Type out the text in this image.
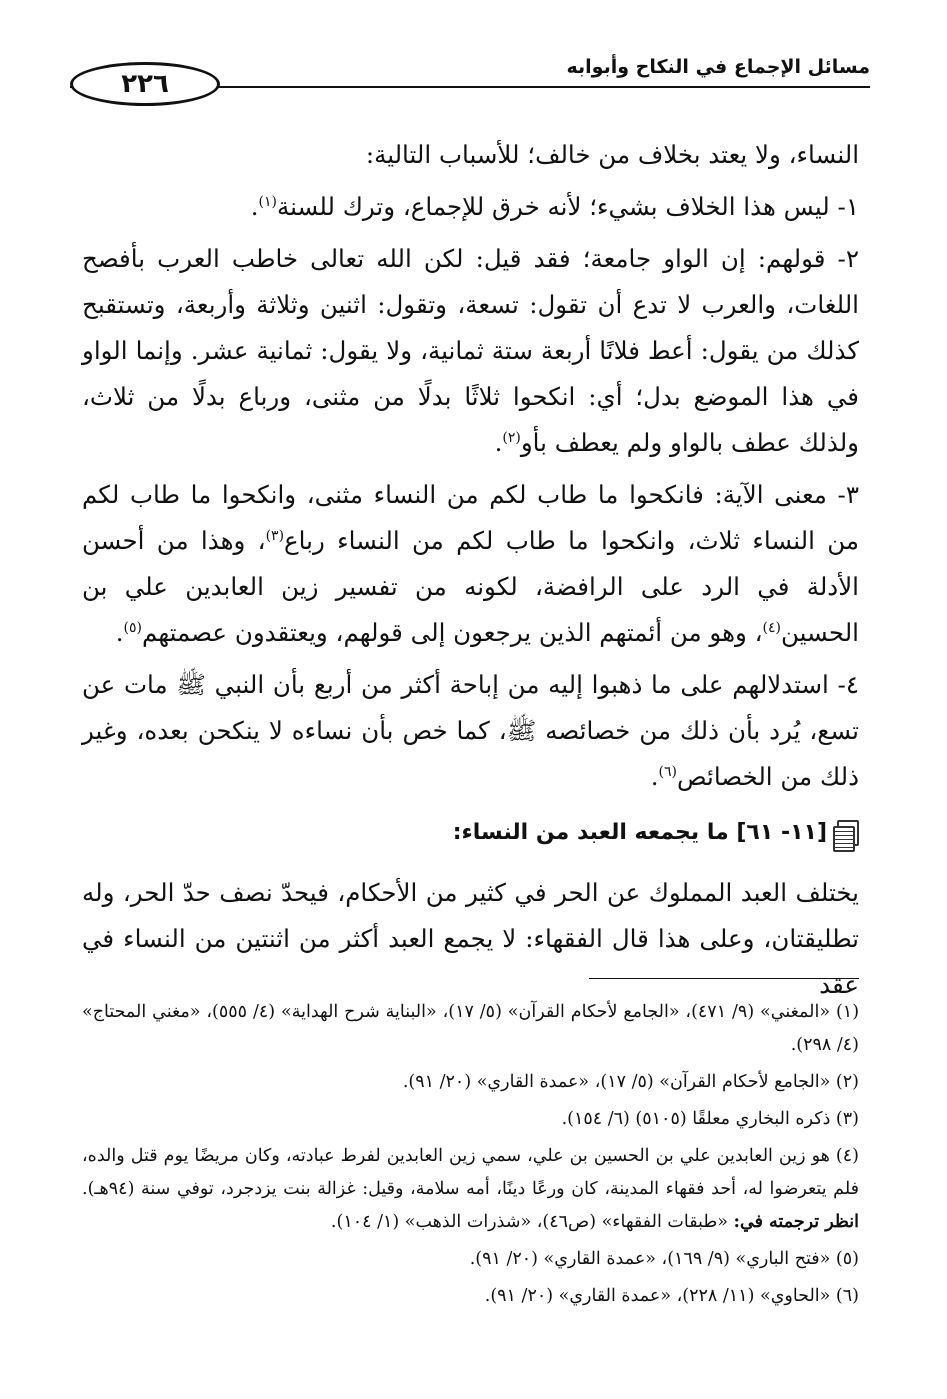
مسائل الإجماع في النكاح وأبوابه
٢٢٦

النساء، ولا يعتد بخلاف من خالف؛ للأسباب التالية:

١- ليس هذا الخلاف بشيء؛ لأنه خرق للإجماع، وترك للسنة$^{(١)}$.

٢- قولهم: إن الواو جامعة؛ فقد قيل: لكن الله تعالى خاطب العرب بأفصح اللغات، والعرب لا تدع أن تقول: تسعة، وتقول: اثنين وثلاثة وأربعة، وتستقبح كذلك من يقول: أعط فلانًا أربعة ستة ثمانية، ولا يقول: ثمانية عشر. وإنما الواو في هذا الموضع بدل؛ أي: انكحوا ثلاثًا بدلًا من مثنى، ورباع بدلًا من ثلاث، ولذلك عطف بالواو ولم يعطف بأو$^{(٢)}$.

٣- معنى الآية: فانكحوا ما طاب لكم من النساء مثنى، وانكحوا ما طاب لكم من النساء ثلاث، وانكحوا ما طاب لكم من النساء رباع$^{(٣)}$، وهذا من أحسن الأدلة في الرد على الرافضة، لكونه من تفسير زين العابدين علي بن الحسين$^{(٤)}$، وهو من أئمتهم الذين يرجعون إلى قولهم، ويعتقدون عصمتهم$^{(٥)}$.

٤- استدلالهم على ما ذهبوا إليه من إباحة أكثر من أربع بأن النبي ﷺ مات عن تسع، يُرد بأن ذلك من خصائصه ﷺ، كما خص بأن نساءه لا ينكحن بعده، وغير ذلك من الخصائص$^{(٦)}$.

[١١- ٦١] ما يجمعه العبد من النساء:

يختلف العبد المملوك عن الحر في كثير من الأحكام، فيحدّ نصف حدّ الحر، وله تطليقتان، وعلى هذا قال الفقهاء: لا يجمع العبد أكثر من اثنتين من النساء في عقد

(١) «المغني» (٩/ ٤٧١)، «الجامع لأحكام القرآن» (٥/ ١٧)، «البناية شرح الهداية» (٤/ ٥٥٥)، «مغني المحتاج» (٤/ ٢٩٨).

(٢) «الجامع لأحكام القرآن» (٥/ ١٧)، «عمدة القاري» (٢٠/ ٩١).

(٣) ذكره البخاري معلقًا (٥١٠٥) (٦/ ١٥٤).

(٤) هو زين العابدين علي بن الحسين بن علي، سمي زين العابدين لفرط عبادته، وكان مريضًا يوم قتل والده، فلم يتعرضوا له، أحد فقهاء المدينة، كان ورعًا دينًا، أمه سلامة، وقيل: غزالة بنت يزدجرد، توفي سنة (٩٤هـ). انظر ترجمته في: «طبقات الفقهاء» (ص٤٦)، «شذرات الذهب» (١/ ١٠٤).

(٥) «فتح الباري» (٩/ ١٦٩)، «عمدة القاري» (٢٠/ ٩١).

(٦) «الحاوي» (١١/ ٢٢٨)، «عمدة القاري» (٢٠/ ٩١).
